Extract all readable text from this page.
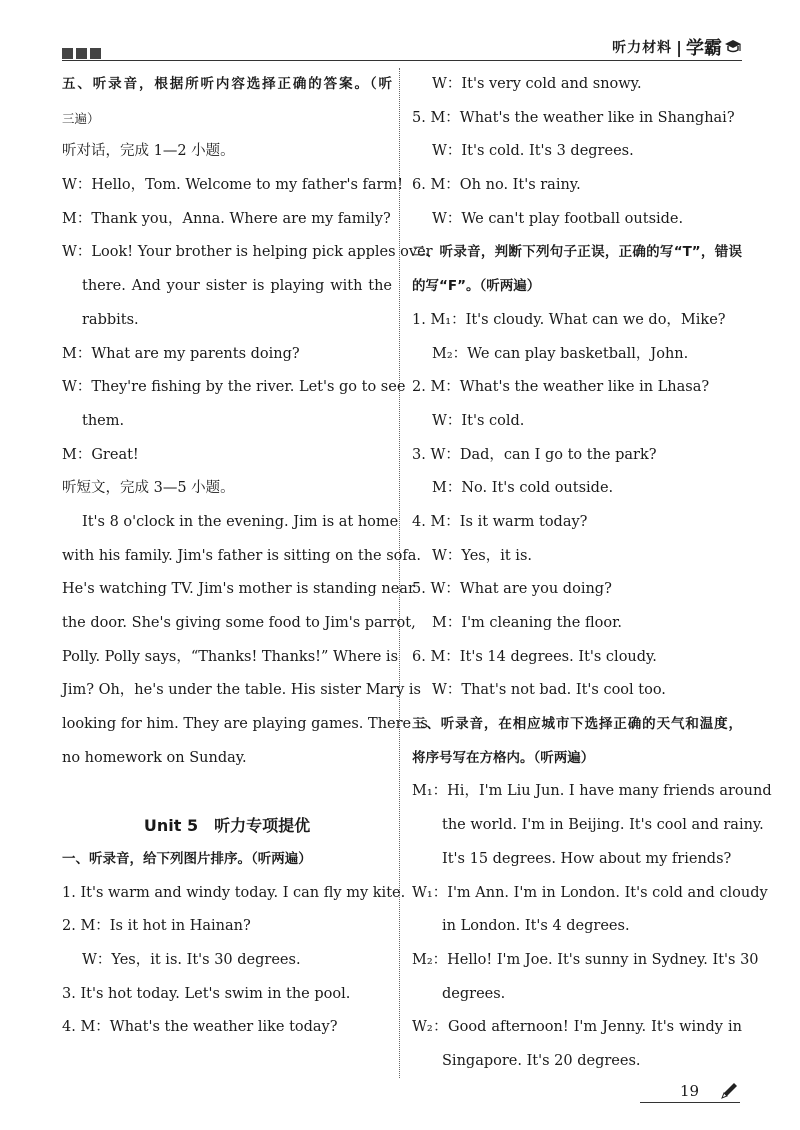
听力材料 | 学霸
五、听录音，根据所听内容选择正确的答案。（听
三遍）
听对话，完成 1—2 小题。
W：Hello，Tom. Welcome to my father's farm!
M：Thank you，Anna. Where are my family?
W：Look! Your brother is helping pick apples over
there. And your sister is playing with the
rabbits.
M：What are my parents doing?
W：They're fishing by the river. Let's go to see
them.
M：Great!
听短文，完成 3—5 小题。
It's 8 o'clock in the evening. Jim is at home
with his family. Jim's father is sitting on the sofa.
He's watching TV. Jim's mother is standing near
the door. She's giving some food to Jim's parrot,
Polly. Polly says，“Thanks! Thanks!” Where is
Jim? Oh，he's under the table. His sister Mary is
looking for him. They are playing games. There is
no homework on Sunday.
Unit 5　听力专项提优
一、听录音，给下列图片排序。（听两遍）
1. It's warm and windy today. I can fly my kite.
2. M：Is it hot in Hainan?
W：Yes，it is. It's 30 degrees.
3. It's hot today. Let's swim in the pool.
4. M：What's the weather like today?
W：It's very cold and snowy.
5. M：What's the weather like in Shanghai?
W：It's cold. It's 3 degrees.
6. M：Oh no. It's rainy.
W：We can't play football outside.
二、听录音，判断下列句子正误，正确的写“T”，错误
的写“F”。（听两遍）
1. M₁：It's cloudy. What can we do，Mike?
M₂：We can play basketball，John.
2. M：What's the weather like in Lhasa?
W：It's cold.
3. W：Dad，can I go to the park?
M：No. It's cold outside.
4. M：Is it warm today?
W：Yes，it is.
5. W：What are you doing?
M：I'm cleaning the floor.
6. M：It's 14 degrees. It's cloudy.
W：That's not bad. It's cool too.
三、听录音，在相应城市下选择正确的天气和温度，
将序号写在方格内。（听两遍）
M₁：Hi，I'm Liu Jun. I have many friends around
the world. I'm in Beijing. It's cool and rainy.
It's 15 degrees. How about my friends?
W₁：I'm Ann. I'm in London. It's cold and cloudy
in London. It's 4 degrees.
M₂：Hello! I'm Joe. It's sunny in Sydney. It's 30
degrees.
W₂：Good afternoon! I'm Jenny. It's windy in
Singapore. It's 20 degrees.
19
